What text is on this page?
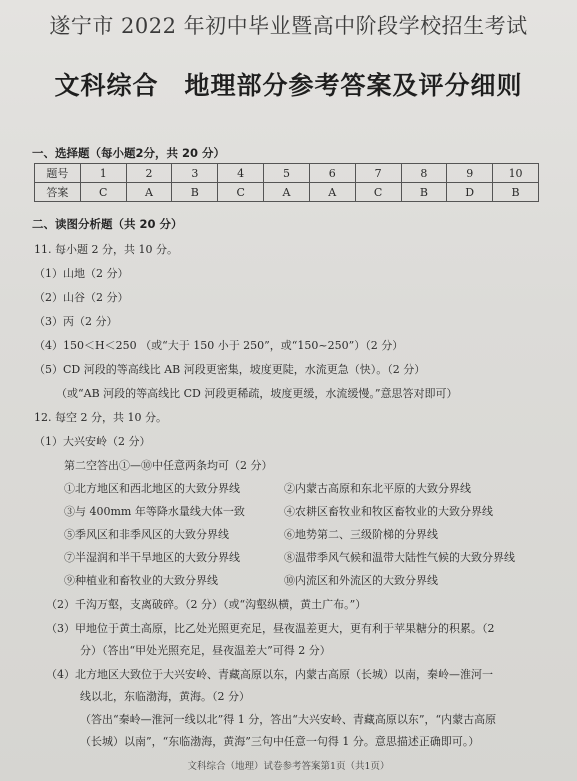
遂宁市 2022 年初中毕业暨高中阶段学校招生考试
文科综合 地理部分参考答案及评分细则
一、选择题（每小题2分，共 20 分）
题号	1	2	3	4	5	6	7	8	9	10
答案	C	A	B	C	A	A	C	B	D	B
二、读图分析题（共 20 分）
11. 每小题 2 分，共 10 分。
（1）山地（2 分）
（2）山谷（2 分）
（3）丙（2 分）
（4）150＜H＜250 （或“大于 150 小于 250”，或“150~250”）（2 分）
（5）CD 河段的等高线比 AB 河段更密集，坡度更陡，水流更急（快）。（2 分）
（或“AB 河段的等高线比 CD 河段更稀疏，坡度更缓，水流缓慢。”意思答对即可）
12. 每空 2 分，共 10 分。
（1）大兴安岭（2 分）
第二空答出①—⑩中任意两条均可（2 分）
①北方地区和西北地区的大致分界线	②内蒙古高原和东北平原的大致分界线
③与 400mm 年等降水量线大体一致	④农耕区畜牧业和牧区畜牧业的大致分界线
⑤季风区和非季风区的大致分界线	⑥地势第二、三级阶梯的分界线
⑦半湿润和半干旱地区的大致分界线	⑧温带季风气候和温带大陆性气候的大致分界线
⑨种植业和畜牧业的大致分界线	⑩内流区和外流区的大致分界线
（2）千沟万壑，支离破碎。（2 分）（或“沟壑纵横，黄土广布。”）
（3）甲地位于黄土高原，比乙处光照更充足，昼夜温差更大，更有利于苹果糖分的积累。（2
分）（答出“甲处光照充足，昼夜温差大”可得 2 分）
（4）北方地区大致位于大兴安岭、青藏高原以东，内蒙古高原（长城）以南，秦岭—淮河一
线以北，东临渤海，黄海。（2 分）
（答出“秦岭—淮河一线以北”得 1 分，答出“大兴安岭、青藏高原以东”，“内蒙古高原
（长城）以南”，“东临渤海，黄海”三句中任意一句得 1 分。意思描述正确即可。）
文科综合（地理）试卷参考答案第1页（共1页）
